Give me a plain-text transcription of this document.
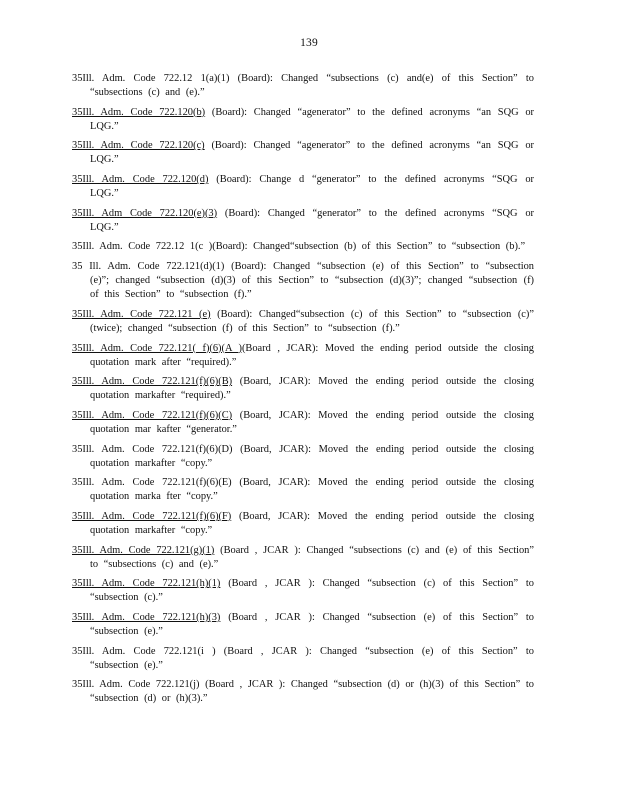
139

35Ill. Adm. Code 722.12 1(a)(1) (Board): Changed “subsections (c) and(e) of this Section” to “subsections (c) and (e).”

35Ill. Adm. Code 722.120(b) (Board): Changed “agenerator” to the defined acronyms “an SQG or LQG.”

35Ill. Adm. Code 722.120(c) (Board): Changed “agenerator” to the defined acronyms “an SQG or LQG.”

35Ill. Adm. Code 722.120(d) (Board): Change d “generator” to the defined acronyms “SQG or LQG.”

35Ill. Adm Code 722.120(e)(3) (Board): Changed “generator” to the defined acronyms “SQG or LQG.”

35Ill. Adm. Code 722.12 1(c )(Board): Changed“subsection (b) of this Section” to “subsection (b).”

35 Ill. Adm. Code 722.121(d)(1) (Board): Changed “subsection (e) of this Section” to “subsection (e)”; changed “subsection (d)(3) of this Section” to “subsection (d)(3)”; changed “subsection (f) of this Section” to “subsection (f).”

35Ill. Adm. Code 722.121 (e) (Board): Changed“subsection (c) of this Section” to “subsection (c)” (twice); changed “subsection (f) of this Section” to “subsection (f).”

35Ill. Adm. Code 722.121( f)(6)(A )(Board , JCAR): Moved the ending period outside the closing quotation mark after “required).”

35Ill. Adm. Code 722.121(f)(6)(B) (Board, JCAR): Moved the ending period outside the closing quotation markafter “required).”

35Ill. Adm. Code 722.121(f)(6)(C) (Board, JCAR): Moved the ending period outside the closing quotation mar kafter “generator.”

35Ill. Adm. Code 722.121(f)(6)(D) (Board, JCAR): Moved the ending period outside the closing quotation markafter “copy.”

35Ill. Adm. Code 722.121(f)(6)(E) (Board, JCAR): Moved the ending period outside the closing quotation marka fter “copy.”

35Ill. Adm. Code 722.121(f)(6)(F) (Board, JCAR): Moved the ending period outside the closing quotation markafter “copy.”

35Ill. Adm. Code 722.121(g)(1) (Board , JCAR ): Changed “subsections (c) and (e) of this Section” to “subsections (c) and (e).”

35Ill. Adm. Code 722.121(h)(1) (Board , JCAR ): Changed “subsection (c) of this Section” to “subsection (c).”

35Ill. Adm. Code 722.121(h)(3) (Board , JCAR ): Changed “subsection (e) of this Section” to “subsection (e).”

35Ill. Adm. Code 722.121(i ) (Board , JCAR ): Changed “subsection (e) of this Section” to “subsection (e).”

35Ill. Adm. Code 722.121(j) (Board , JCAR ): Changed “subsection (d) or (h)(3) of this Section” to “subsection (d) or (h)(3).”
